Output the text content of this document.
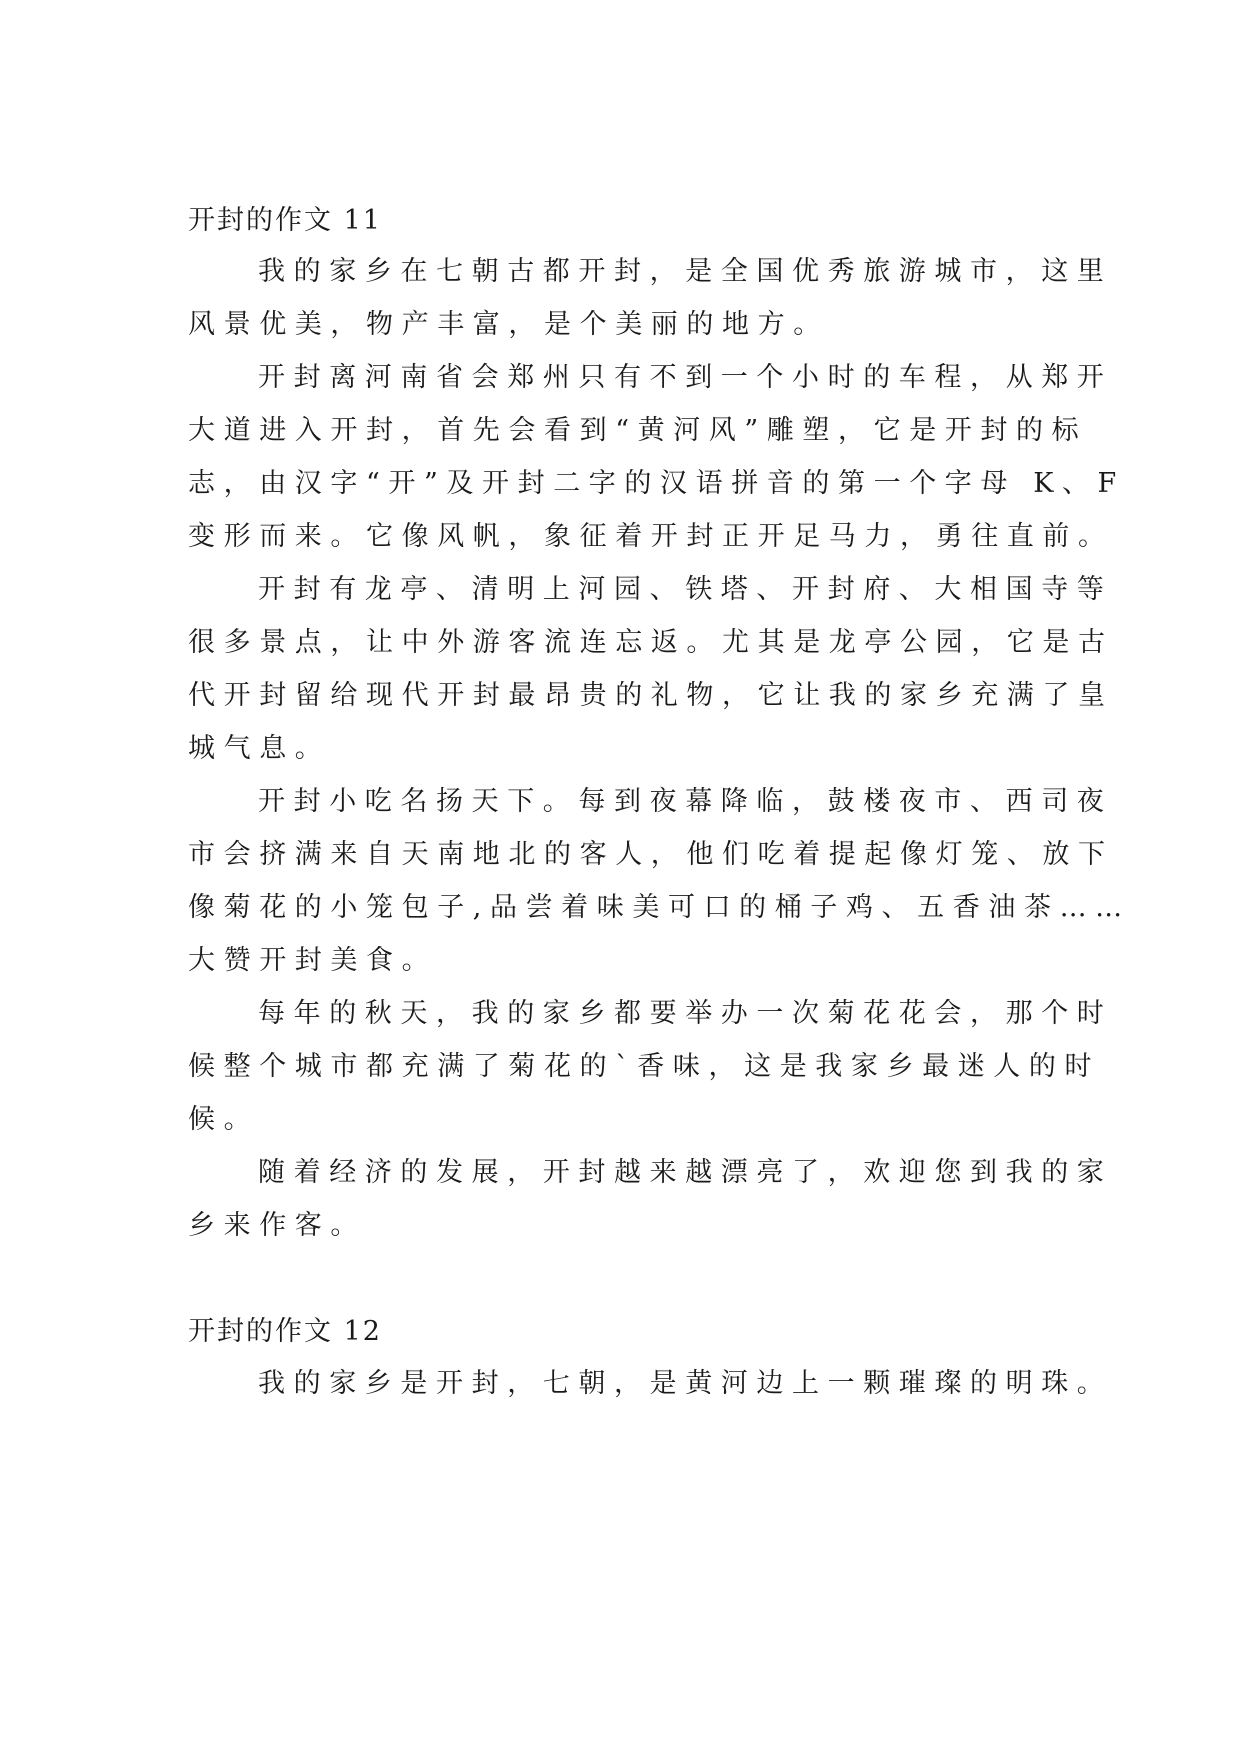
开封的作文 11
我的家乡在七朝古都开封，是全国优秀旅游城市，这里
风景优美，物产丰富，是个美丽的地方。
开封离河南省会郑州只有不到一个小时的车程，从郑开
大道进入开封，首先会看到“黄河风”雕塑，它是开封的标
志，由汉字“开”及开封二字的汉语拼音的第一个字母 K、F
变形而来。它像风帆，象征着开封正开足马力，勇往直前。
开封有龙亭、清明上河园、铁塔、开封府、大相国寺等
很多景点，让中外游客流连忘返。尤其是龙亭公园，它是古
代开封留给现代开封最昂贵的礼物，它让我的家乡充满了皇
城气息。
开封小吃名扬天下。每到夜幕降临，鼓楼夜市、西司夜
市会挤满来自天南地北的客人，他们吃着提起像灯笼、放下
像菊花的小笼包子,品尝着味美可口的桶子鸡、五香油茶……
大赞开封美食。
每年的秋天，我的家乡都要举办一次菊花花会，那个时
候整个城市都充满了菊花的`香味，这是我家乡最迷人的时
候。
随着经济的发展，开封越来越漂亮了，欢迎您到我的家
乡来作客。
开封的作文 12
我的家乡是开封，七朝，是黄河边上一颗璀璨的明珠。
